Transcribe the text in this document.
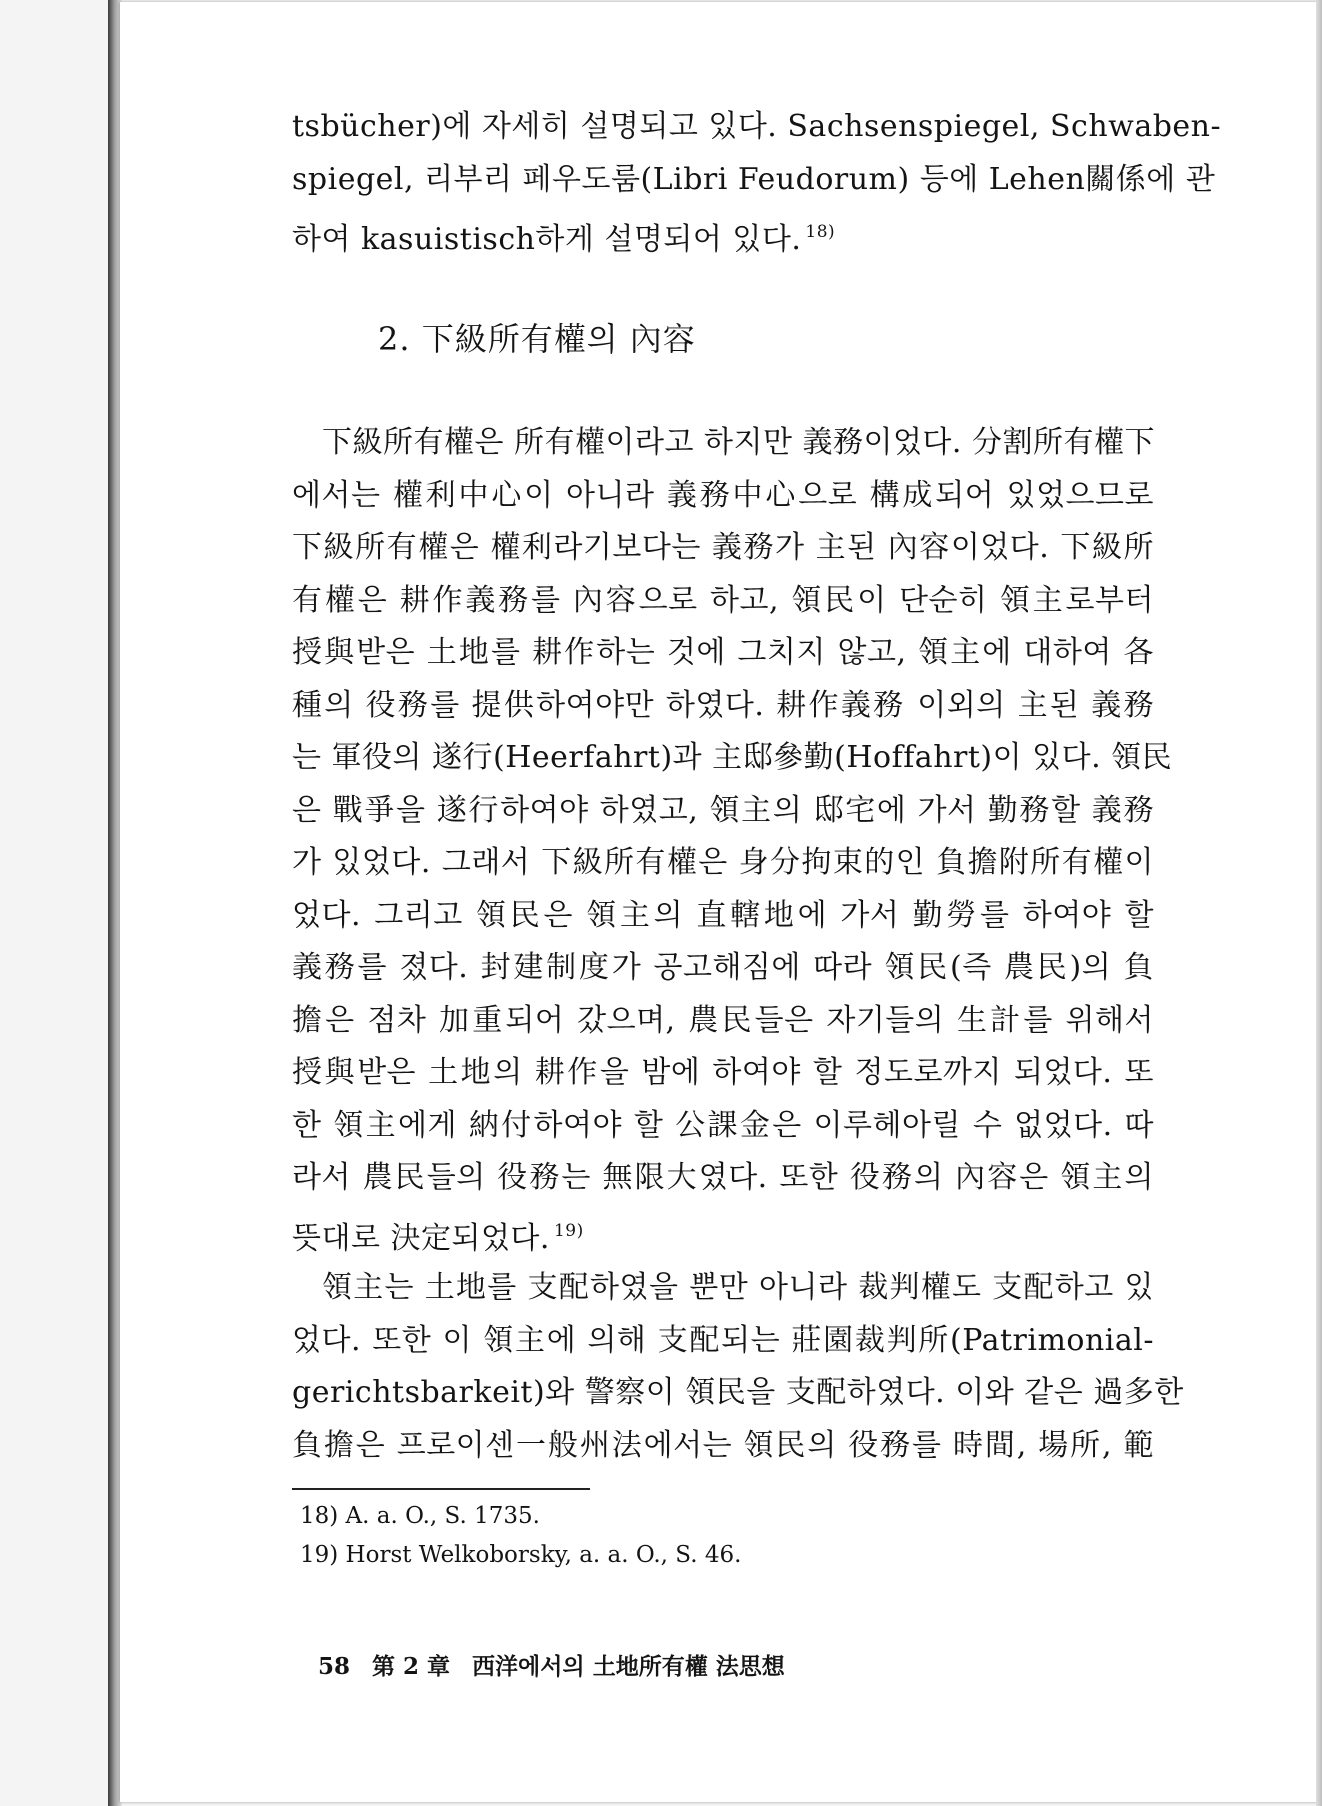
tsbücher)에 자세히 설명되고 있다. Sachsenspiegel, Schwaben-
spiegel, 리부리 페우도룸(Libri Feudorum) 등에 Lehen關係에 관
하여 kasuistisch하게 설명되어 있다. $^{18)}$
2. 下級所有權의 內容
下級所有權은 所有權이라고 하지만 義務이었다. 分割所有權下
에서는 權利中心이 아니라 義務中心으로 構成되어 있었으므로
下級所有權은 權利라기보다는 義務가 主된 內容이었다. 下級所
有權은 耕作義務를 內容으로 하고, 領民이 단순히 領主로부터
授與받은 土地를 耕作하는 것에 그치지 않고, 領主에 대하여 各
種의 役務를 提供하여야만 하였다. 耕作義務 이외의 主된 義務
는 軍役의 遂行(Heerfahrt)과 主邸參勤(Hoffahrt)이 있다. 領民
은 戰爭을 遂行하여야 하였고, 領主의 邸宅에 가서 勤務할 義務
가 있었다. 그래서 下級所有權은 身分拘束的인 負擔附所有權이
었다. 그리고 領民은 領主의 直轄地에 가서 勤勞를 하여야 할
義務를 졌다. 封建制度가 공고해짐에 따라 領民(즉 農民)의 負
擔은 점차 加重되어 갔으며, 農民들은 자기들의 生計를 위해서
授與받은 土地의 耕作을 밤에 하여야 할 정도로까지 되었다. 또
한 領主에게 納付하여야 할 公課金은 이루헤아릴 수 없었다. 따
라서 農民들의 役務는 無限大였다. 또한 役務의 內容은 領主의
뜻대로 決定되었다. $^{19)}$
領主는 土地를 支配하였을 뿐만 아니라 裁判權도 支配하고 있
었다. 또한 이 領主에 의해 支配되는 莊園裁判所(Patrimonial-
gerichtsbarkeit)와 警察이 領民을 支配하였다. 이와 같은 過多한
負擔은 프로이센一般州法에서는 領民의 役務를 時間, 場所, 範
18) A. a. O., S. 1735.
19) Horst Welkoborsky, a. a. O., S. 46.
58 第 2 章 西洋에서의 土地所有權 法思想
